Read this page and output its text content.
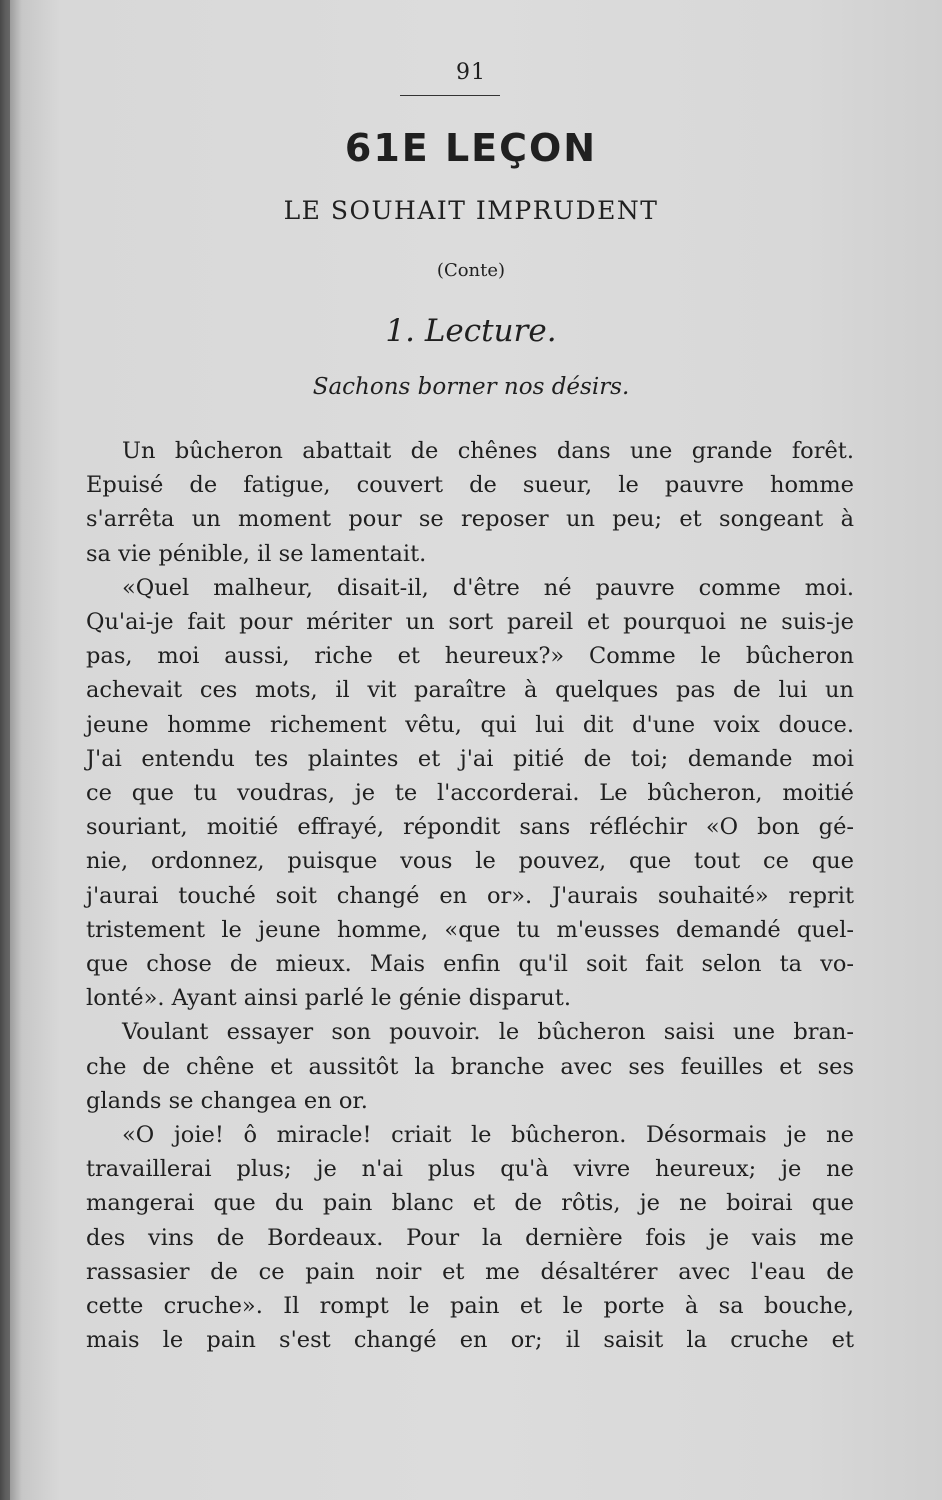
91
61E LEÇON
LE SOUHAIT IMPRUDENT
(Conte)
1. Lecture.
Sachons borner nos désirs.
Un bûcheron abattait de chênes dans une grande forêt.
Epuisé de fatigue, couvert de sueur, le pauvre homme
s'arrêta un moment pour se reposer un peu; et songeant à
sa vie pénible, il se lamentait.
«Quel malheur, disait-il, d'être né pauvre comme moi.
Qu'ai-je fait pour mériter un sort pareil et pourquoi ne suis-je
pas, moi aussi, riche et heureux?» Comme le bûcheron
achevait ces mots, il vit paraître à quelques pas de lui un
jeune homme richement vêtu, qui lui dit d'une voix douce.
J'ai entendu tes plaintes et j'ai pitié de toi; demande moi
ce que tu voudras, je te l'accorderai. Le bûcheron, moitié
souriant, moitié effrayé, répondit sans réfléchir «O bon gé-
nie, ordonnez, puisque vous le pouvez, que tout ce que
j'aurai touché soit changé en or». J'aurais souhaité» reprit
tristement le jeune homme, «que tu m'eusses demandé quel-
que chose de mieux. Mais enfin qu'il soit fait selon ta vo-
lonté». Ayant ainsi parlé le génie disparut.
Voulant essayer son pouvoir. le bûcheron saisi une bran-
che de chêne et aussitôt la branche avec ses feuilles et ses
glands se changea en or.
«O joie! ô miracle! criait le bûcheron. Désormais je ne
travaillerai plus; je n'ai plus qu'à vivre heureux; je ne
mangerai que du pain blanc et de rôtis, je ne boirai que
des vins de Bordeaux. Pour la dernière fois je vais me
rassasier de ce pain noir et me désaltérer avec l'eau de
cette cruche». Il rompt le pain et le porte à sa bouche,
mais le pain s'est changé en or; il saisit la cruche et
